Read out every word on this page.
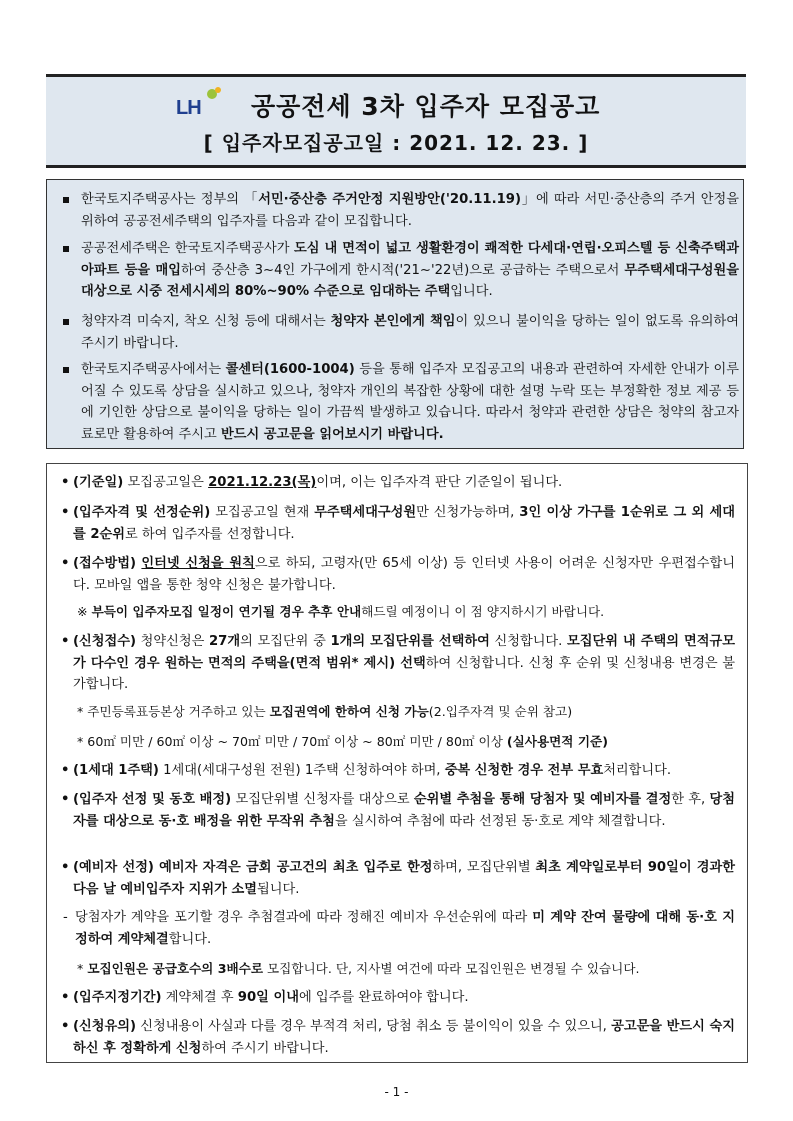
LH 공공전세 3차 입주자 모집공고
[ 입주자모집공고일 : 2021. 12. 23. ]
한국토지주택공사는 정부의 「서민·중산층 주거안정 지원방안('20.11.19)」에 따라 서민·중산층의 주거 안정을 위하여 공공전세주택의 입주자를 다음과 같이 모집합니다.
공공전세주택은 한국토지주택공사가 도심 내 면적이 넓고 생활환경이 쾌적한 다세대·연립·오피스텔 등 신축주택과 아파트 등을 매입하여 중산층 3~4인 가구에게 한시적('21~'22년)으로 공급하는 주택으로서 무주택세대구성원을 대상으로 시중 전세시세의 80%~90% 수준으로 임대하는 주택입니다.
청약자격 미숙지, 착오 신청 등에 대해서는 청약자 본인에게 책임이 있으니 불이익을 당하는 일이 없도록 유의하여 주시기 바랍니다.
한국토지주택공사에서는 콜센터(1600-1004) 등을 통해 입주자 모집공고의 내용과 관련하여 자세한 안내가 이루어질 수 있도록 상담을 실시하고 있으나, 청약자 개인의 복잡한 상황에 대한 설명 누락 또는 부정확한 정보 제공 등에 기인한 상담으로 불이익을 당하는 일이 가끔씩 발생하고 있습니다. 따라서 청약과 관련한 상담은 청약의 참고자료로만 활용하여 주시고 반드시 공고문을 읽어보시기 바랍니다.
• (기준일) 모집공고일은 2021.12.23(목)이며, 이는 입주자격 판단 기준일이 됩니다.
• (입주자격 및 선정순위) 모집공고일 현재 무주택세대구성원만 신청가능하며, 3인 이상 가구를 1순위로 그 외 세대를 2순위로 하여 입주자를 선정합니다.
• (접수방법) 인터넷 신청을 원칙으로 하되, 고령자(만 65세 이상) 등 인터넷 사용이 어려운 신청자만 우편접수합니다. 모바일 앱을 통한 청약 신청은 불가합니다.
※ 부득이 입주자모집 일정이 연기될 경우 추후 안내해드릴 예정이니 이 점 양지하시기 바랍니다.
• (신청접수) 청약신청은 27개의 모집단위 중 1개의 모집단위를 선택하여 신청합니다. 모집단위 내 주택의 면적규모가 다수인 경우 원하는 면적의 주택을(면적 범위* 제시) 선택하여 신청합니다. 신청 후 순위 및 신청내용 변경은 불가합니다.
* 주민등록표등본상 거주하고 있는 모집권역에 한하여 신청 가능(2.입주자격 및 순위 참고)
* 60㎡ 미만 / 60㎡ 이상 ~ 70㎡ 미만 / 70㎡ 이상 ~ 80㎡ 미만 / 80㎡ 이상 (실사용면적 기준)
• (1세대 1주택) 1세대(세대구성원 전원) 1주택 신청하여야 하며, 중복 신청한 경우 전부 무효처리합니다.
• (입주자 선정 및 동호 배정) 모집단위별 신청자를 대상으로 순위별 추첨을 통해 당첨자 및 예비자를 결정한 후, 당첨자를 대상으로 동·호 배정을 위한 무작위 추첨을 실시하여 추첨에 따라 선정된 동·호로 계약 체결합니다.
• (예비자 선정) 예비자 자격은 금회 공고건의 최초 입주로 한정하며, 모집단위별 최초 계약일로부터 90일이 경과한 다음 날 예비입주자 지위가 소멸됩니다.
- 당첨자가 계약을 포기할 경우 추첨결과에 따라 정해진 예비자 우선순위에 따라 미 계약 잔여 물량에 대해 동·호 지정하여 계약체결합니다.
* 모집인원은 공급호수의 3배수로 모집합니다. 단, 지사별 여건에 따라 모집인원은 변경될 수 있습니다.
• (입주지정기간) 계약체결 후 90일 이내에 입주를 완료하여야 합니다.
• (신청유의) 신청내용이 사실과 다를 경우 부적격 처리, 당첨 취소 등 불이익이 있을 수 있으니, 공고문을 반드시 숙지하신 후 정확하게 신청하여 주시기 바랍니다.
- 1 -
